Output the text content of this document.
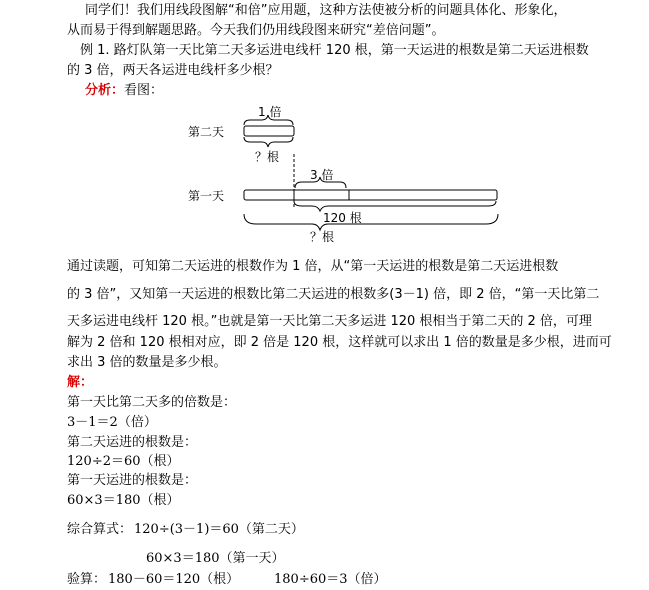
同学们！我们用线段图解“和倍”应用题，这种方法使被分析的问题具体化、形象化，
从而易于得到解题思路。今天我们仍用线段图来研究“差倍问题”。
例 1. 路灯队第一天比第二天多运进电线杆 120 根，第一天运进的根数是第二天运进根数
的 3 倍，两天各运进电线杆多少根？
分析：看图：
第二天
第一天
1 倍
？根
3 倍
120 根
？根
通过读题，可知第二天运进的根数作为 1 倍，从“第一天运进的根数是第二天运进根数
的 3 倍”，又知第一天运进的根数比第二天运进的根数多(3－1) 倍，即 2 倍，“第一天比第二
天多运进电线杆 120 根。”也就是第一天比第二天多运进 120 根相当于第二天的 2 倍，可理
解为 2 倍和 120 根相对应，即 2 倍是 120 根，这样就可以求出 1 倍的数量是多少根，进而可
求出 3 倍的数量是多少根。
解：
第一天比第二天多的倍数是：
3－1＝2（倍）
第二天运进的根数是：
120÷2＝60（根）
第一天运进的根数是：
60×3＝180（根）
综合算式： 120÷(3－1)＝60（第二天）
60×3＝180（第一天）
验算： 180－60＝120（根）	180÷60＝3（倍）
